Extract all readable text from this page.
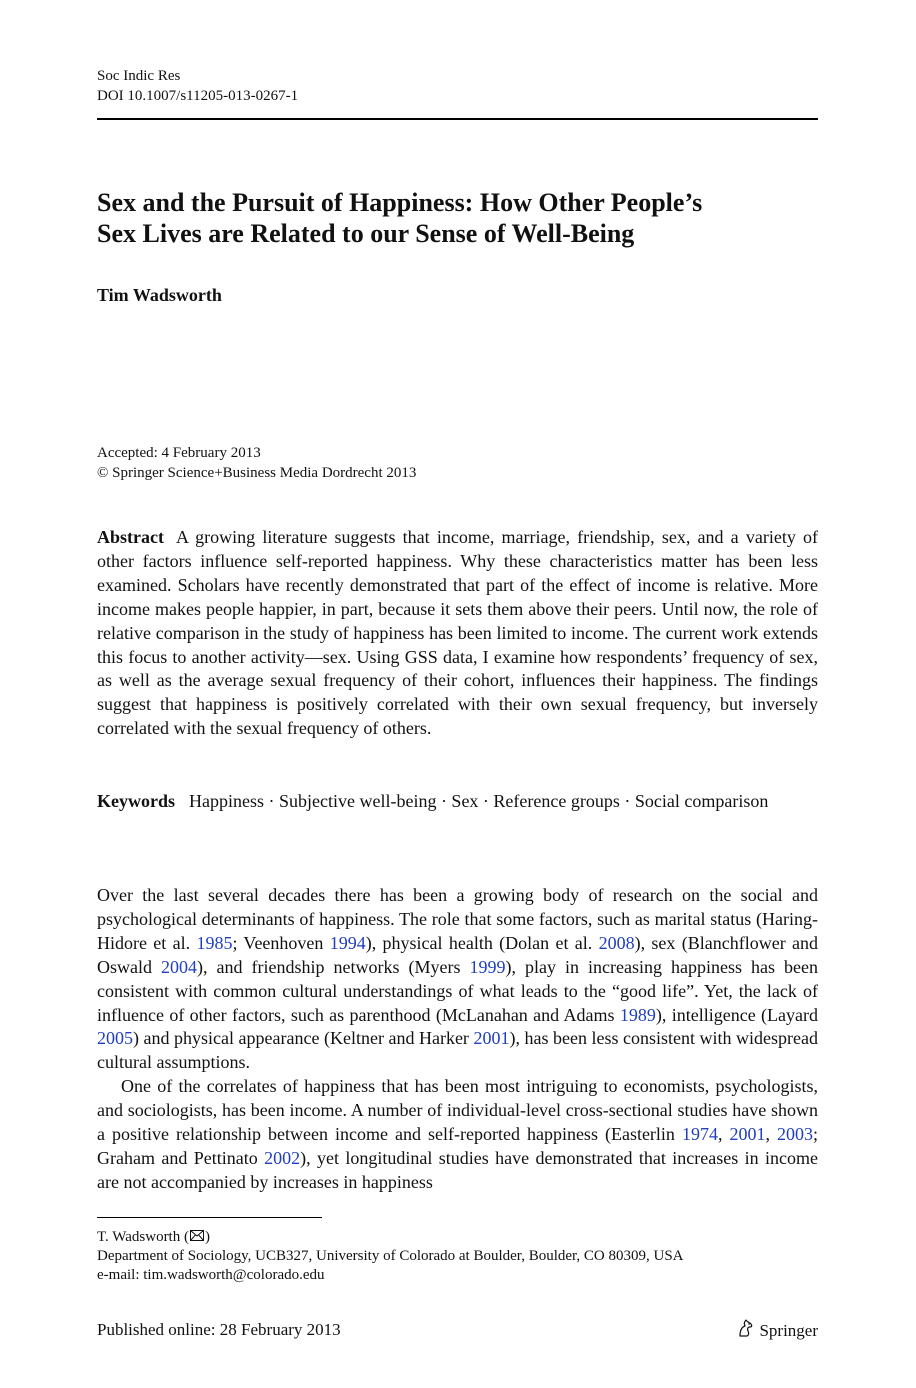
Soc Indic Res
DOI 10.1007/s11205-013-0267-1
Sex and the Pursuit of Happiness: How Other People’s
Sex Lives are Related to our Sense of Well-Being
Tim Wadsworth
Accepted: 4 February 2013
© Springer Science+Business Media Dordrecht 2013
Abstract A growing literature suggests that income, marriage, friendship, sex, and a variety of other factors influence self-reported happiness. Why these characteristics matter has been less examined. Scholars have recently demonstrated that part of the effect of income is relative. More income makes people happier, in part, because it sets them above their peers. Until now, the role of relative comparison in the study of happiness has been limited to income. The current work extends this focus to another activity—sex. Using GSS data, I examine how respondents’ frequency of sex, as well as the average sexual frequency of their cohort, influences their happiness. The findings suggest that happiness is positively correlated with their own sexual frequency, but inversely correlated with the sexual frequency of others.
Keywords Happiness · Subjective well-being · Sex · Reference groups · Social comparison

Over the last several decades there has been a growing body of research on the social and psychological determinants of happiness. The role that some factors, such as marital status (Haring-Hidore et al. 1985; Veenhoven 1994), physical health (Dolan et al. 2008), sex (Blanchflower and Oswald 2004), and friendship networks (Myers 1999), play in increasing happiness has been consistent with common cultural understandings of what leads to the “good life”. Yet, the lack of influence of other factors, such as parenthood (McLanahan and Adams 1989), intelligence (Layard 2005) and physical appearance (Keltner and Harker 2001), has been less consistent with widespread cultural assumptions.

One of the correlates of happiness that has been most intriguing to economists, psychologists, and sociologists, has been income. A number of individual-level cross-sectional studies have shown a positive relationship between income and self-reported happiness (Easterlin 1974, 2001, 2003; Graham and Pettinato 2002), yet longitudinal studies have demonstrated that increases in income are not accompanied by increases in happiness

T. Wadsworth ( )
Department of Sociology, UCB327, University of Colorado at Boulder, Boulder, CO 80309, USA
e-mail: tim.wadsworth@colorado.edu
Published online: 28 February 2013	Springer
